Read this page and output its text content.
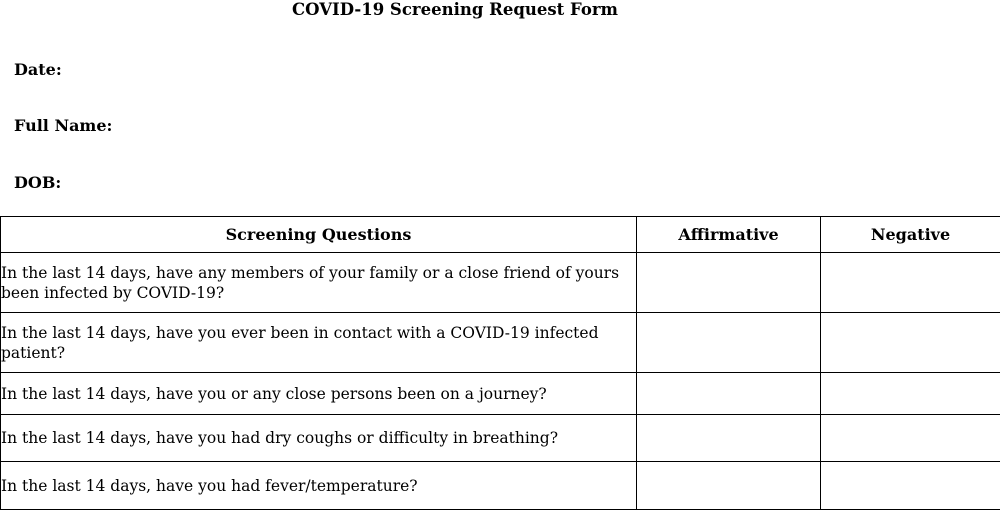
COVID-19 Screening Request Form
Date:
Full Name:
DOB:
Screening Questions	Affirmative	Negative
In the last 14 days, have any members of your family or a close friend of yours been infected by COVID-19?		
In the last 14 days, have you ever been in contact with a COVID-19 infected patient?		
In the last 14 days, have you or any close persons been on a journey?		
In the last 14 days, have you had dry coughs or difficulty in breathing?		
In the last 14 days, have you had fever/temperature?		
